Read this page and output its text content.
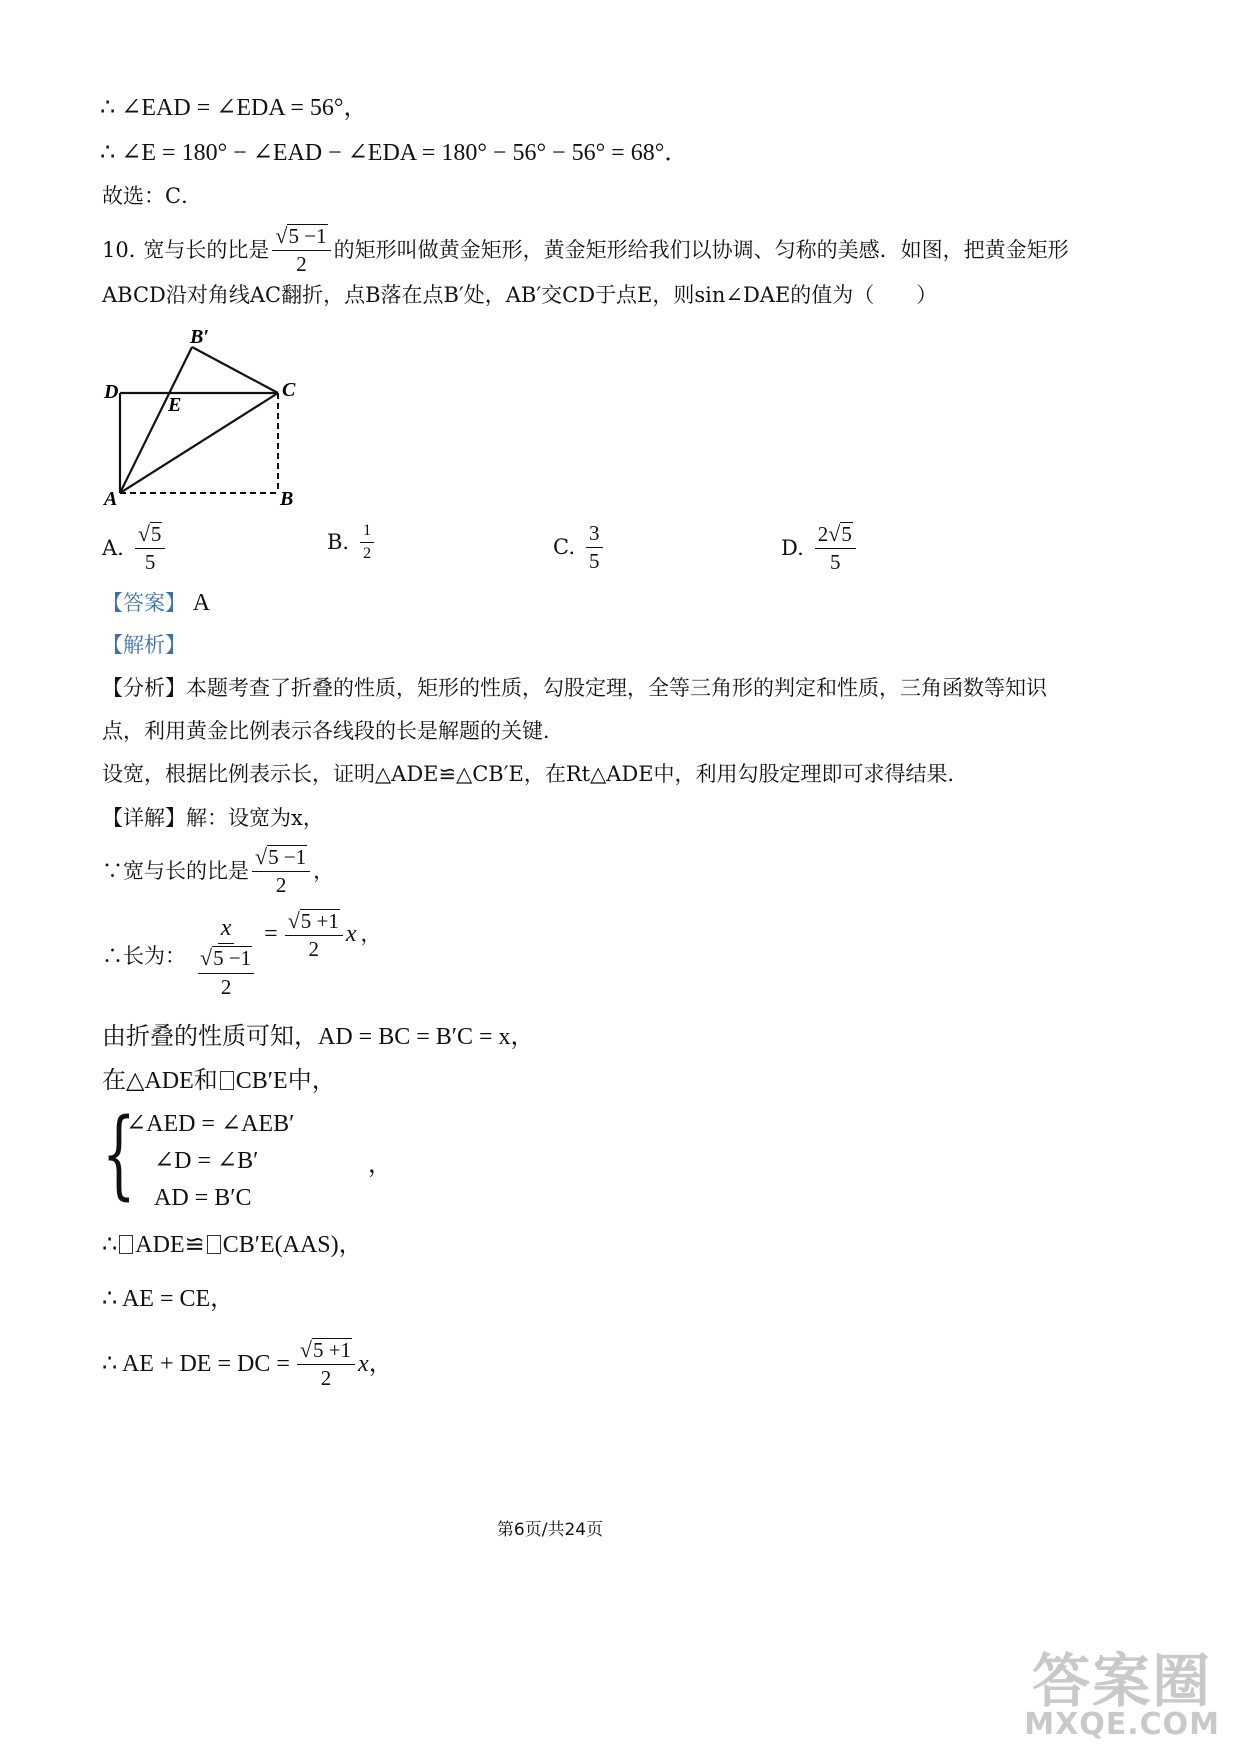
∴ ∠EAD = ∠EDA = 56°，
∴ ∠E = 180° − ∠EAD − ∠EDA = 180° − 56° − 56° = 68°．
故选：C．
10. 宽与长的比是 $\frac{√ 5 -1}{2}$ 的矩形叫做黄金矩形，黄金矩形给我们以协调、匀称的美感．如图，把黄金矩形
ABCD沿对角线AC翻折，点B落在点B′处，AB′交CD于点E，则sin∠DAE的值为（　　）
B′
D
E
C
A	B
A. $\frac{√ 5}{5}$	B. $\frac{1}{2}$	C. $\frac{3}{5}$	D. $\frac{2 √ 5}{5}$
【答案】 A
【解析】
【分析】本题考查了折叠的性质，矩形的性质，勾股定理，全等三角形的判定和性质，三角函数等知识
点，利用黄金比例表示各线段的长是解题的关键．
设宽，根据比例表示长，证明△ADE≌△CB′E，在Rt△ADE中，利用勾股定理即可求得结果．
【详解】解：设宽为x，
∵宽与长的比是 $\frac{√ 5 -1}{2}$ ，
∴长为： x
√ 5 −1
$2 = \frac{√ 5 +1}{2}$ x ，
由折叠的性质可知，AD = BC = B′C = x，
在△ADE和 CB′E中，
{
∠AED = ∠AEB′
∠D = ∠B′
AD = B′C
，
∴ ADE≌ CB′E(AAS)，
∴ AE = CE，
∴ AE + DE = DC = $\frac{√ 5 +1}{2}$ x ，
第6页/共24页
答案圈
MXQE.COM
